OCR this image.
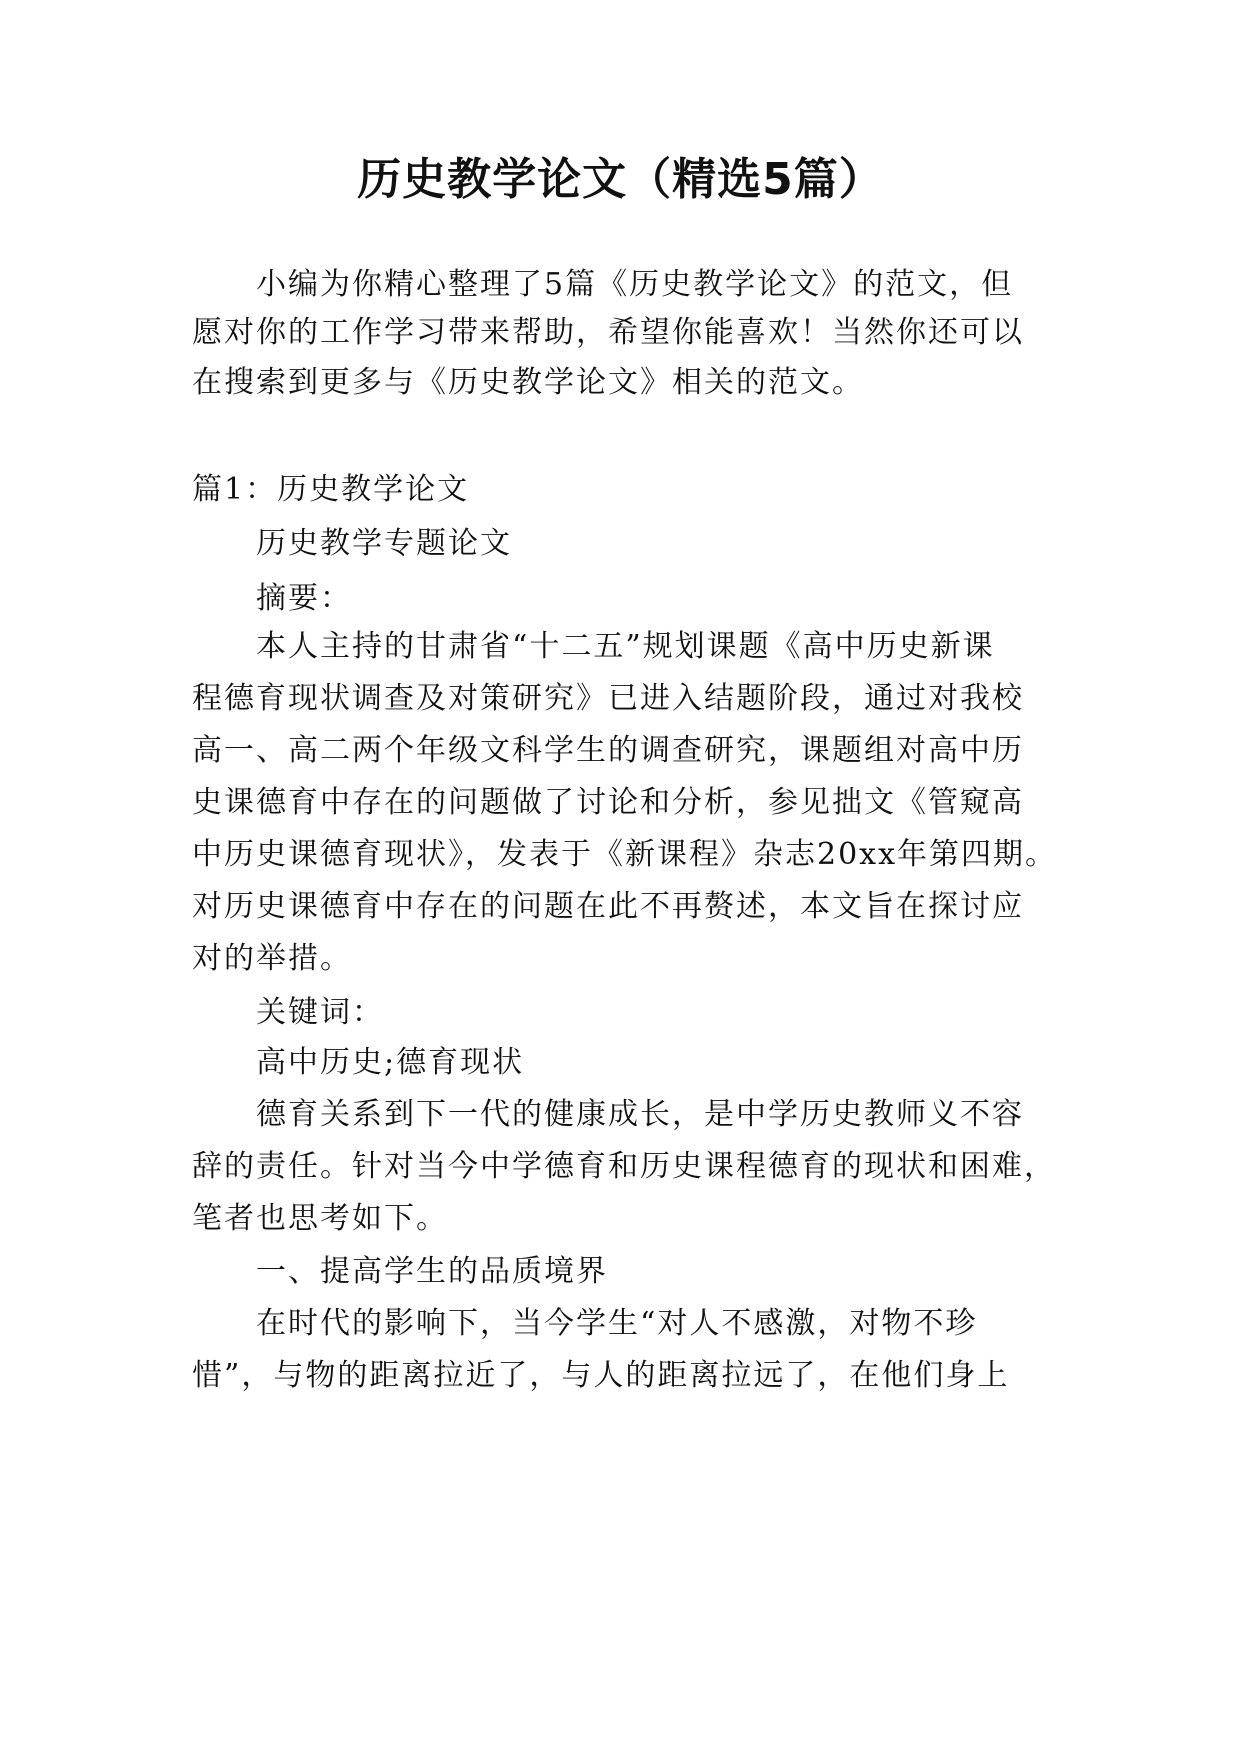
历史教学论文（精选5篇）
小编为你精心整理了5篇《历史教学论文》的范文，但
愿对你的工作学习带来帮助，希望你能喜欢！当然你还可以
在搜索到更多与《历史教学论文》相关的范文。
篇1：历史教学论文
历史教学专题论文
摘要：
本人主持的甘肃省“十二五”规划课题《高中历史新课
程德育现状调查及对策研究》已进入结题阶段，通过对我校
高一、高二两个年级文科学生的调查研究，课题组对高中历
史课德育中存在的问题做了讨论和分析，参见拙文《管窥高
中历史课德育现状》，发表于《新课程》杂志20xx年第四期。
对历史课德育中存在的问题在此不再赘述，本文旨在探讨应
对的举措。
关键词：
高中历史;德育现状
德育关系到下一代的健康成长，是中学历史教师义不容
辞的责任。针对当今中学德育和历史课程德育的现状和困难，
笔者也思考如下。
一、提高学生的品质境界
在时代的影响下，当今学生“对人不感激，对物不珍
惜”，与物的距离拉近了，与人的距离拉远了，在他们身上
